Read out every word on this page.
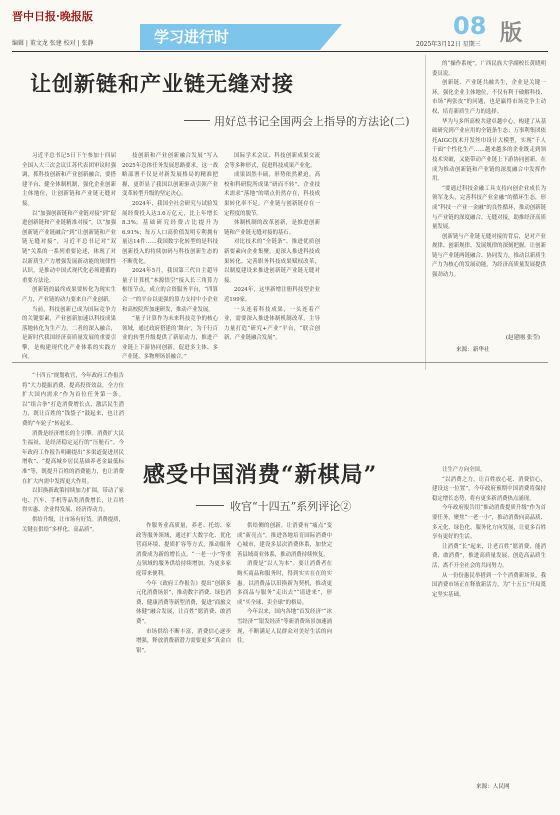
晋中日报·晚报版
编辑 | 董文龙 张建 校对 | 张静	学习进行时	08 版
2025年3月12日 星期三
让创新链和产业链无缝对接
用好总书记全国两会上指导的方法论(二)

习近平总书记5日下午参加十四届全国人大三次会议江苏代表团审议时强调，抓科技创新和产业创新融合，要搭建平台、健全体制机制，强化企业创新主体地位，让创新链和产业链无缝对接。

以“加强创新链和产业链对接”到“促进创新链和产业链精准对接”，以“加强创新链产业链融合”到“让创新链和产业链无缝对接”，习近平总书记对“双链”关系的一系列重要论述，体现了对以新质生产力增强发展新动能的规律性认识，是推动中国式现代化必须遵循的重要方法论。

创新链的最终成果要转化为现实生产力，产业链的动力要来自产业创新。

当前，科技创新已成为国际竞争力的关键要素，产业创新加速以科技成果落地转化为生产力。二者的深入融合，是新时代我国经济高质量发展的重要引擎，是构建现代化产业体系的实践方向。

技创新和产业创新融合发展”写入2025年总体任务发展思路要求，这一战略部署不仅是对新发展格局的精准把握，更彰显了我国以创新驱动引领产业变革转型升级的坚定决心。

2024年，我国全社会研究与试验发展经费投入达3.6万亿元，比上年增长8.3%；基础研究经费占比提升为6.91%；每万人口高价值发明专利拥有量达14件……我国数字化转型的是科技创新投入的持续加码与科技创新生态的不断优化。

2024年5月，我国第三代自主超导量子计算机“本源悟空”接入长三角算力枢纽节点，成立的合资服务平台，“四算合一”的平台以更强的算力支持中小企业和高校院所加速研发，推动产业发展。

“量子计算作为未来科技竞争的核心领域，通过政府搭建的‘舞台’，为千行百业的转型升级提供了新原动力，推进产业链上下游协同创新，促进多主体、多产业链、多物理场景融合。”

国际学术会议、科技创新成果交流会等多种形式，促进科技成果产业化。

成果固然丰硕，形势依然紧迫。高校和科研院所成果“研而不转”、企业技术需求“落地”的堵点仍然存在，科技成果转化率不足，产业链与创新链存在一定程度的脱节。

体制机制的改革创新，是推进创新链和产业链无缝对接的基石。

对比技术的“全链条”、推进优质创新要素向企业集聚，更深入推进科技成果转化、完善职务科技成果赋权改革，以制度建设来推进创新链产业链无缝对接。

2024年，这里新增注册科技型企业近199家。

一头连着科技成果，一头连着产业，需要深入推进体制机制改革，主导力量打造“研究+产业”平台，“联合创新、产业链融合发展”。

的“操作系统”，广西民族大学副校长黄晓明委员说。

创新链、产业链共融共生，企业是关键一环。强化企业主体地位，不仅有利于破解科技、市场“两张皮”的问题，也是赢得市场竞争主动权、培育新质生产力的选择。

华为与多所高校共建卓越中心，构建了从基础研究到产业应用的全链条生态；万事利集团依托AIGC技术开发丝巾设计大模型，实现“千人千面”个性化生产……越来越多的企业既走到领技术突破，又能带动产业链上下游协同创新，在成为推动创新链和产业链的深度融合中发挥作用。

“要通过科技金融工具支持向创企业成长为领军龙头，完善科技产业金融”的循环生态，形成“科技一产业一金融”的良性循环，推动创新链与产业链的深度融合、无缝对接，助推经济高质量发展。

创新链与产业链无缝对接的背后，是对产业规律、创新规律、发展规律的深刻把握。让创新链与产业链两链融合、协同发力，推动以新质生产力为核心的发展动能，为经济高质量发展提供强劲动力。

(赵建刚 张莹)
来源：新华社

“十四五”规划收官，今年政府工作报告将“大力提振消费、提高投资效益，全方位扩大国内需求”作为首位任务第一条。以“组合拳”打造消费增长点、激活民生潜力，既让百姓的“钱袋子”鼓起来，也让消费的“车轮子”转起来。

消费是经济增长的主引擎。消费扩大民生福祉，是经济稳定运行的“压舱石”。今年政府工作报告明确提出“多渠道促进居民增收”、“提高城乡居民基础养老金最低标准”等，既提升百姓的消费能力，也让消费在扩大内需中发挥更大作用。

以旧换新政策持续加力扩围，带动了家电、汽车、手机等品类消费增长，让百姓得实惠、企业得发展、经济得动力。

供给升级，让市场有好货。消费提质，关键在供给“多样化、高品质”。

感受中国消费“新棋局”
收官“十四五”系列评论②

作服务业高质量，养老、托幼、家政等服务领域，通过扩大数字化、优化营商环境、提质扩容等方式，推动服务消费成为新的增长点。“一老一小”等重点领域的服务供给持续增加，为更多家庭带来便利。

今年《政府工作报告》提出“创新多元化消费场景”，推动数字消费、绿色消费、健康消费等新型消费，促进“商旅文体健”融合发展，让百姓“愿消费、敢消费”。

市场供给不断丰富，消费信心逐步增强，释放消费新潜力需要更多“真金白银”。

供给侧的创新，让消费有“痛点”变成“新亮点”。推进各地培育国际消费中心城市，建设多层次消费体系，加快完善县域商业体系，推动消费持续恢复。

消费是“以人为本”。要让消费者在购买商品和服务时，得到实实在在的实惠。以消费品以旧换新为契机，推动更多商品与服务“走出去”“请进来”，形成“买全球、卖全球”的格局。

今年以来，国内各地“首发经济”“冰雪经济”“银发经济”等新消费场景加速涌现，不断满足人民群众对美好生活的向往。

让生产方向全国。

“以消费之力，让百姓放心花、消费信心，建设这一位置”，今年政府预期中国消费将保持稳定增长态势，将有更多新消费热点涌现。

今年政府报告用“推动消费提质升级”作为首要任务，聚焦“一老一小”，推动消费向高品质、多元化、绿色化、服务化方向发展，让更多百姓享有更好的生活。

让消费“长”起来，让老百姓“愿消费、能消费、敢消费”，推进高质量发展、创造高品质生活，离不开全社会的共同努力。

从一份份惠民举措到一个个消费新场景，我国消费市场正在释放新活力，为“十五五”开局奠定坚实基础。

来源：人民网
